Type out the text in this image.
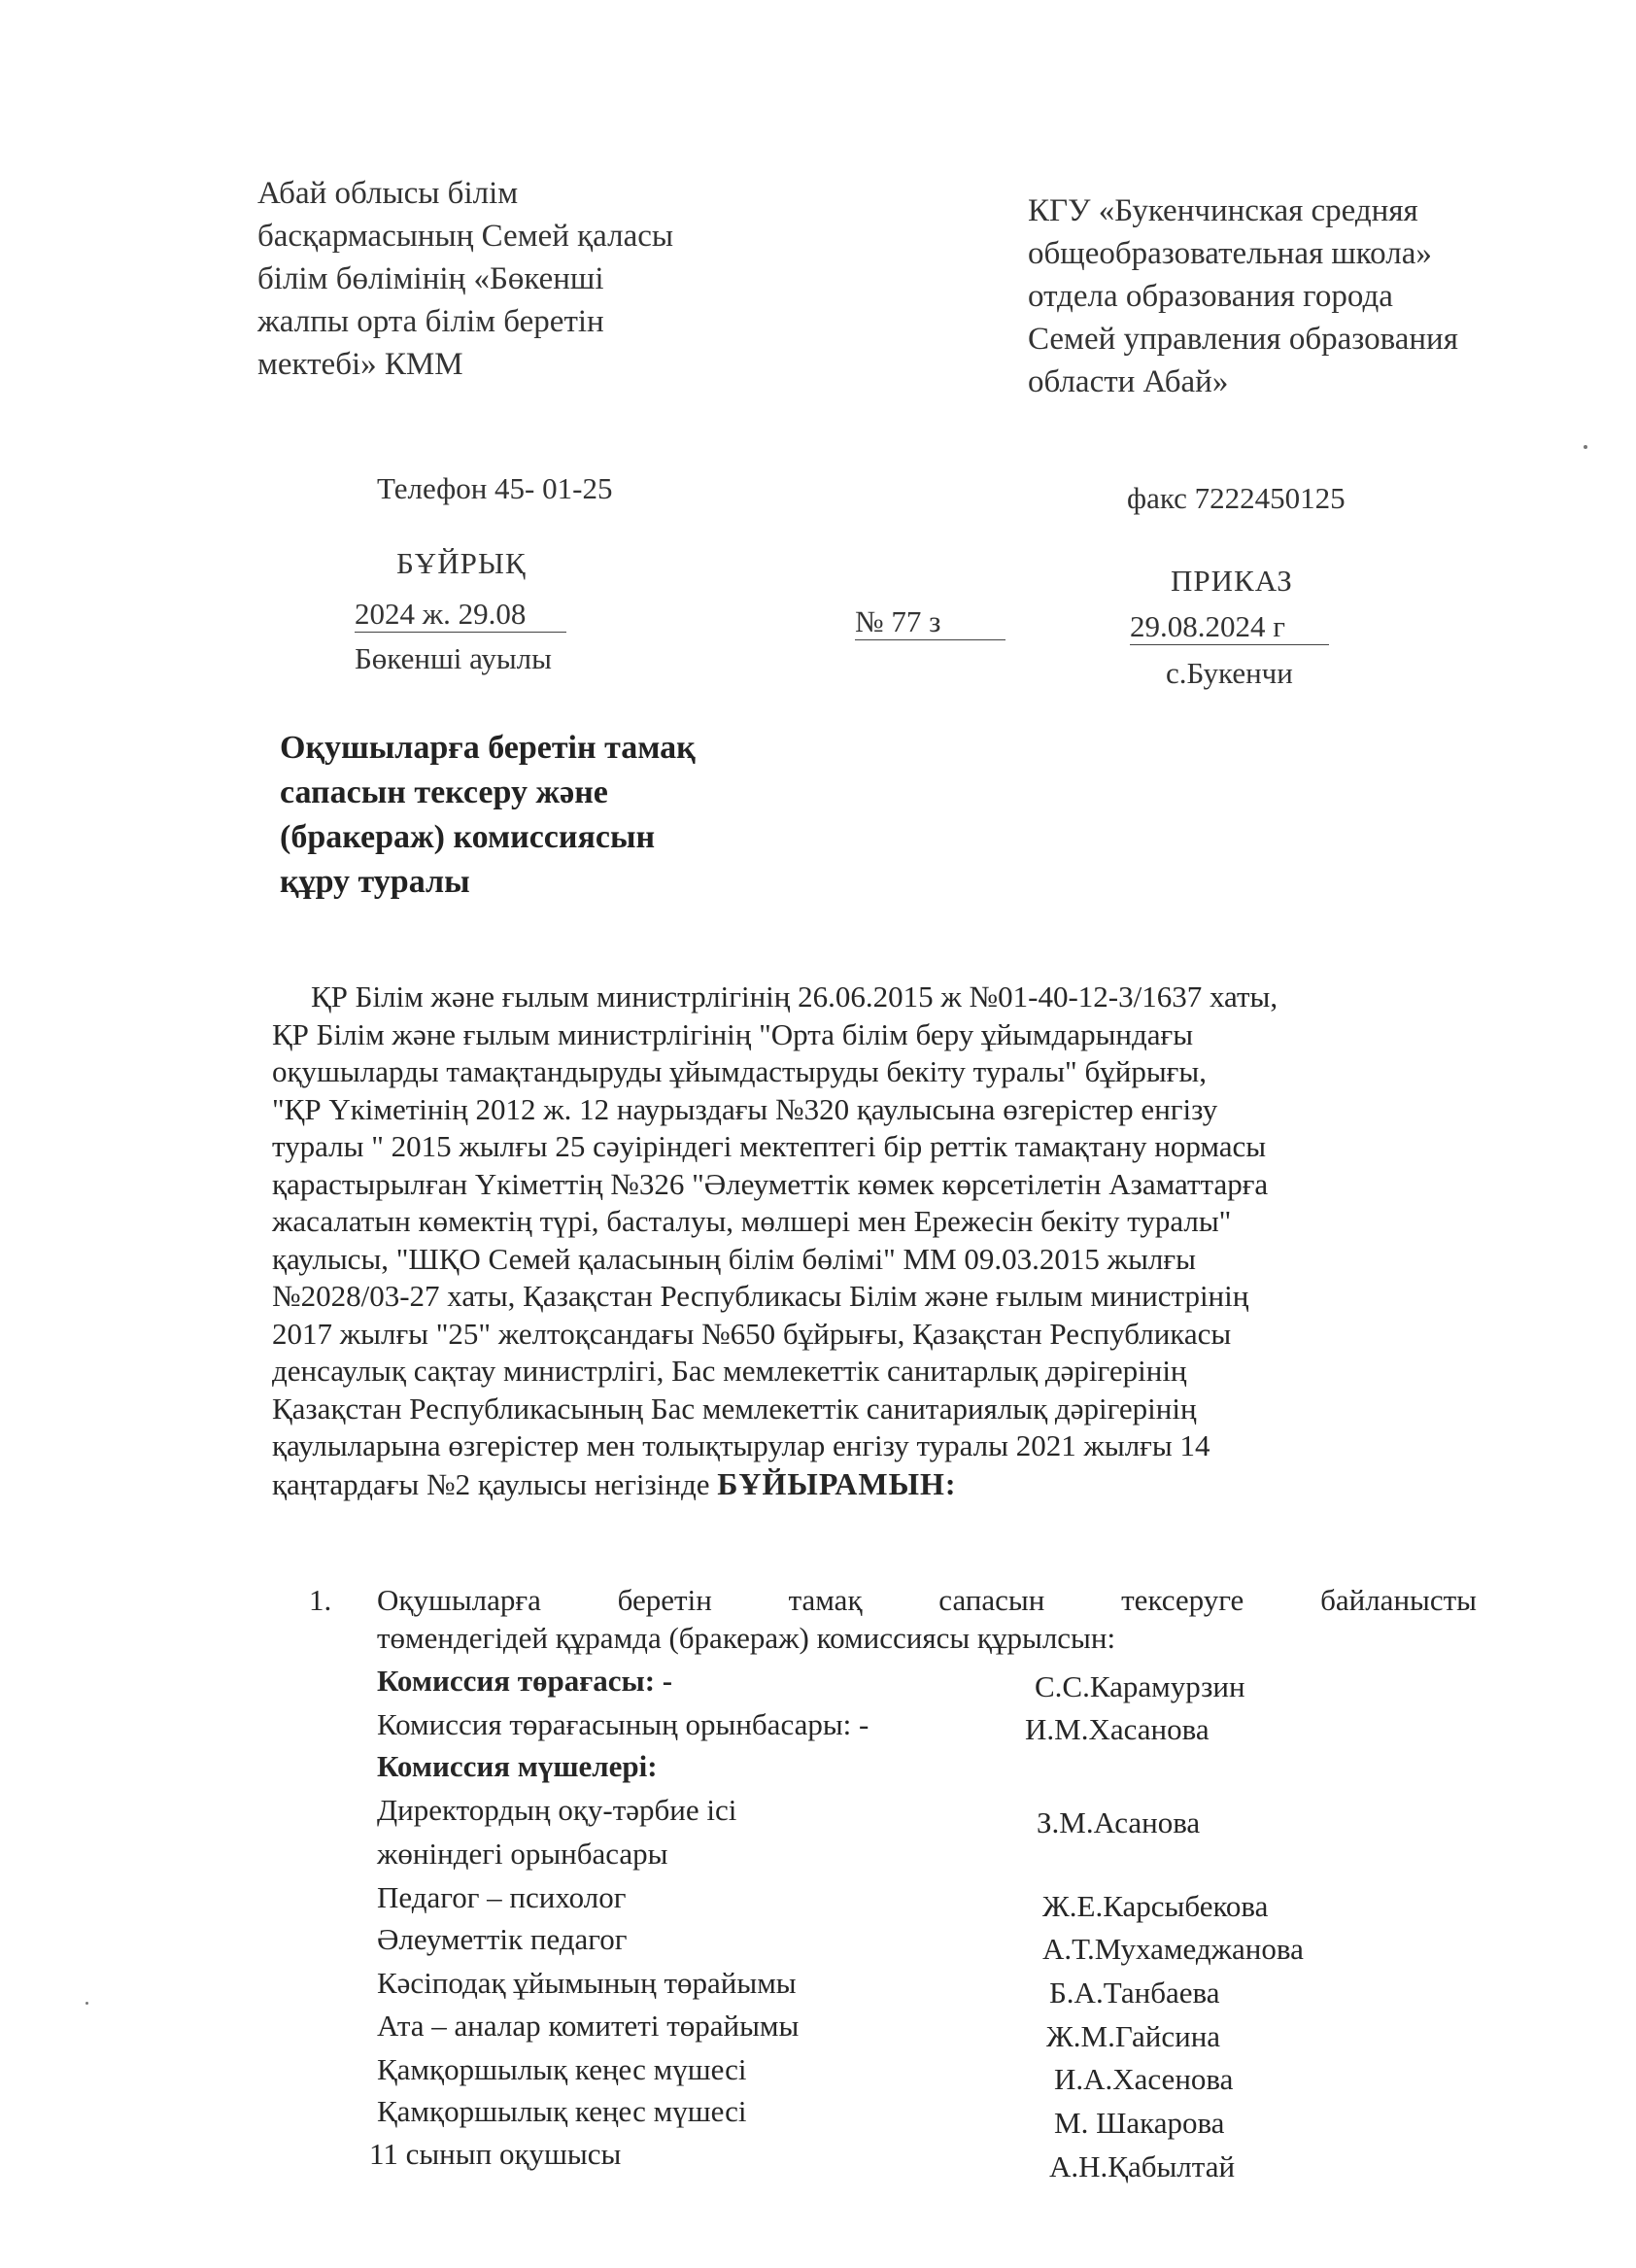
Абай облысы білім
басқармасының Семей қаласы
білім бөлімінің «Бөкенші
жалпы орта білім беретін
мектебі» КММ
КГУ «Букенчинская средняя
общеобразовательная школа»
отдела образования города
Семей управления образования
области Абай»
Телефон 45- 01-25	факс 7222450125
БҰЙРЫҚ
2024 ж. 29.08
Бөкенші ауылы
№ 77 з
ПРИКАЗ
29.08.2024 г
с.Букенчи
Оқушыларға беретін тамақ
сапасын тексеру және
(бракераж) комиссиясын
құру туралы
ҚР Білім және ғылым министрлігінің 26.06.2015 ж №01-40-12-3/1637 хаты,
ҚР Білім және ғылым министрлігінің "Орта білім беру ұйымдарындағы
оқушыларды тамақтандыруды ұйымдастыруды бекіту туралы" бұйрығы,
"ҚР Үкіметінің 2012 ж. 12 наурыздағы №320 қаулысына өзгерістер енгізу
туралы " 2015 жылғы 25 сәуіріндегі мектептегі бір реттік тамақтану нормасы
қарастырылған Үкіметтің №326 "Әлеуметтік көмек көрсетілетін Азаматтарға
жасалатын көмектің түрі, басталуы, мөлшері мен Ережесін бекіту туралы"
қаулысы, "ШҚО Семей қаласының білім бөлімі" ММ 09.03.2015 жылғы
№2028/03-27 хаты, Қазақстан Республикасы Білім және ғылым министрінің
2017 жылғы "25" желтоқсандағы №650 бұйрығы, Қазақстан Республикасы
денсаулық сақтау министрлігі, Бас мемлекеттік санитарлық дәрігерінің
Қазақстан Республикасының Бас мемлекеттік санитариялық дәрігерінің
қаулыларына өзгерістер мен толықтырулар енгізу туралы 2021 жылғы 14
қаңтардағы №2 қаулысы негізінде БҰЙЫРАМЫН:
1. Оқушыларға беретін тамақ сапасын тексеруге байланысты
төмендегідей құрамда (бракераж) комиссиясы құрылсын:
Комиссия төрағасы: -	С.С.Карамурзин
Комиссия төрағасының орынбасары: -	И.М.Хасанова
Комиссия мүшелері:
Директордың оқу-тәрбие ісі
жөніндегі орынбасары
З.М.Асанова
Педагог – психолог	Ж.Е.Карсыбекова
Әлеуметтік педагог	А.Т.Мухамеджанова
Кәсіподақ ұйымының төрайымы	Б.А.Танбаева
Ата – аналар комитеті төрайымы	Ж.М.Гайсина
Қамқоршылық кеңес мүшесі	И.А.Хасенова
Қамқоршылық кеңес мүшесі	М. Шакарова
11 сынып оқушысы	А.Н.Қабылтай
